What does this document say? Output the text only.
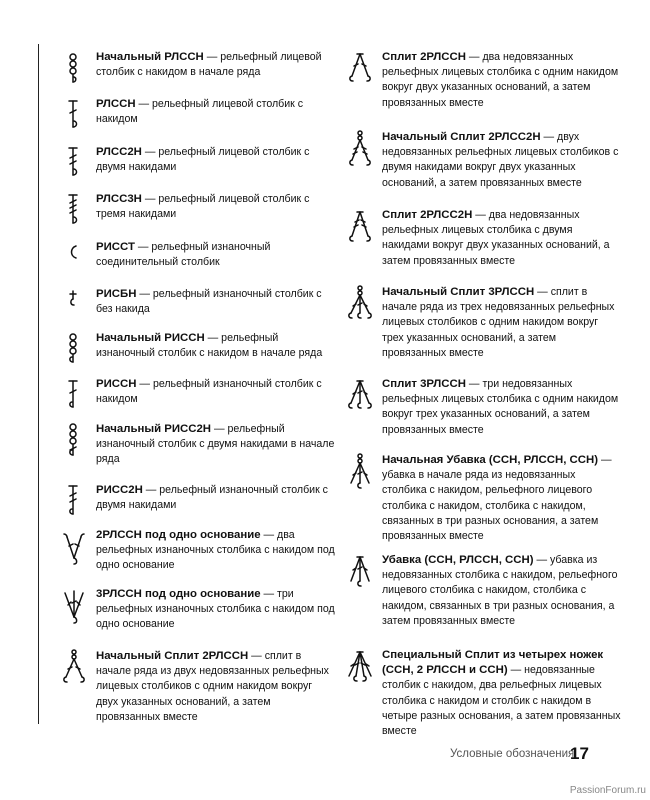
Начальный РЛССН — рельефный лицевой столбик с накидом в начале ряда
РЛССН — рельефный лицевой столбик с накидом
РЛСС2Н — рельефный лицевой столбик с двумя накидами
РЛСС3Н — рельефный лицевой столбик с тремя накидами
РИССТ — рельефный изнаночный соединительный столбик
РИСБН — рельефный изнаночный столбик с без накида
Начальный РИССН — рельефный изнаночный столбик с накидом в начале ряда
РИССН — рельефный изнаночный столбик с накидом
Начальный РИСС2Н — рельефный изнаночный столбик с двумя накидами в начале ряда
РИСС2Н — рельефный изнаночный столбик с двумя накидами
2РЛССН под одно основание — два рельефных изнаночных столбика с накидом под одно основание
3РЛССН под одно основание — три рельефных изнаночных столбика с накидом под одно основание
Начальный Сплит 2РЛССН — сплит в начале ряда из двух недовязанных рельефных лицевых столбиков с одним накидом вокруг двух указанных оснований, а затем провязанных вместе
Сплит 2РЛССН — два недовязанных рельефных лицевых столбика с одним накидом вокруг двух указанных оснований, а затем провязанных вместе
Начальный Сплит 2РЛСС2Н — двух недовязанных рельефных лицевых столбиков с двумя накидами вокруг двух указанных оснований, а затем провязанных вместе
Сплит 2РЛСС2Н — два недовязанных рельефных лицевых столбика с двумя накидами вокруг двух указанных оснований, а затем провязанных вместе
Начальный Сплит 3РЛССН — сплит в начале ряда из трех недовязанных рельефных лицевых столбиков с одним накидом вокруг трех указанных оснований, а затем провязанных вместе
Сплит 3РЛССН — три недовязанных рельефных лицевых столбика с одним накидом вокруг трех указанных оснований, а затем провязанных вместе
Начальная Убавка (ССН, РЛССН, ССН) — убавка в начале ряда из недовязанных столбика с накидом, рельефного лицевого столбика с накидом, столбика с накидом, связанных в три разных основания, а затем провязанных вместе
Убавка (ССН, РЛССН, ССН) — убавка из недовязанных столбика с накидом, рельефного лицевого столбика с накидом, столбика с накидом, связанных в три разных основания, а затем провязанных вместе
Специальный Сплит из четырех ножек (ССН, 2 РЛССН и ССН) — недовязанные столбик с накидом, два рельефных лицевых столбика с накидом и столбик с накидом в четыре разных основания, а затем провязанных вместе
Условные обозначения
17
PassionForum.ru
